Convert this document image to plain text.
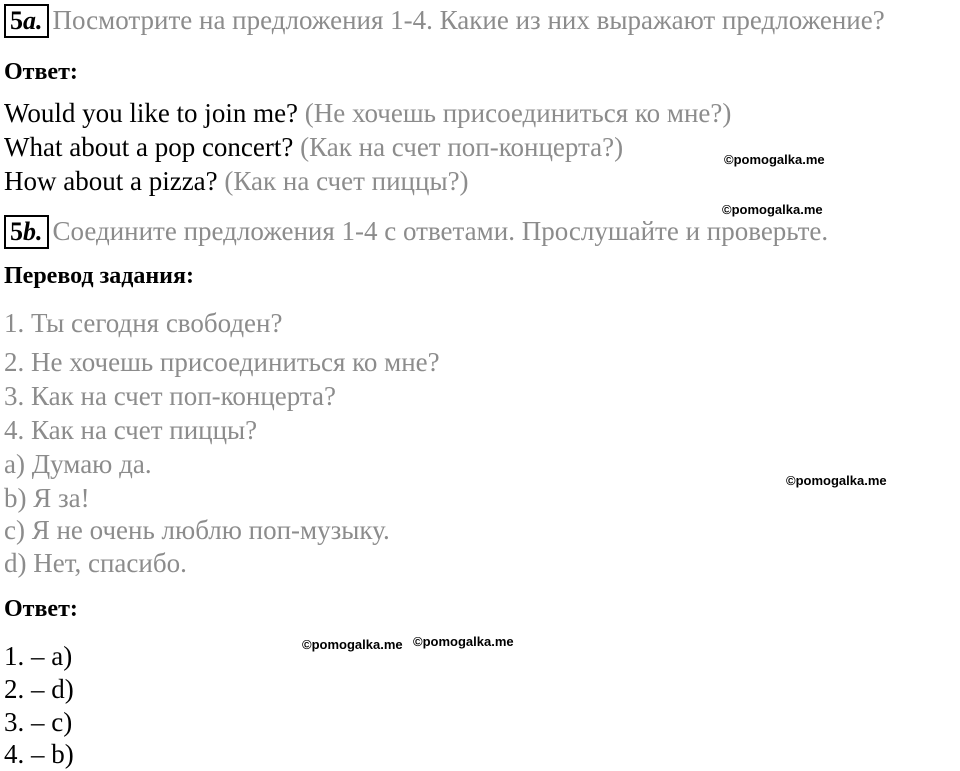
5a. Посмотрите на предложения 1-4. Какие из них выражают предложение?
Ответ:
Would you like to join me? (Не хочешь присоединиться ко мне?)
What about a pop concert? (Как на счет поп-концерта?)
How about a pizza? (Как на счет пиццы?)
5b. Соедините предложения 1-4 с ответами. Прослушайте и проверьте.
Перевод задания:
1. Ты сегодня свободен?
2. Не хочешь присоединиться ко мне?
3. Как на счет поп-концерта?
4. Как на счет пиццы?
a) Думаю да.
b) Я за!
c) Я не очень люблю поп-музыку.
d) Нет, спасибо.
Ответ:
1. – a)
2. – d)
3. – c)
4. – b)
©pomogalka.me
©pomogalka.me
©pomogalka.me
©pomogalka.me ©pomogalka.me
